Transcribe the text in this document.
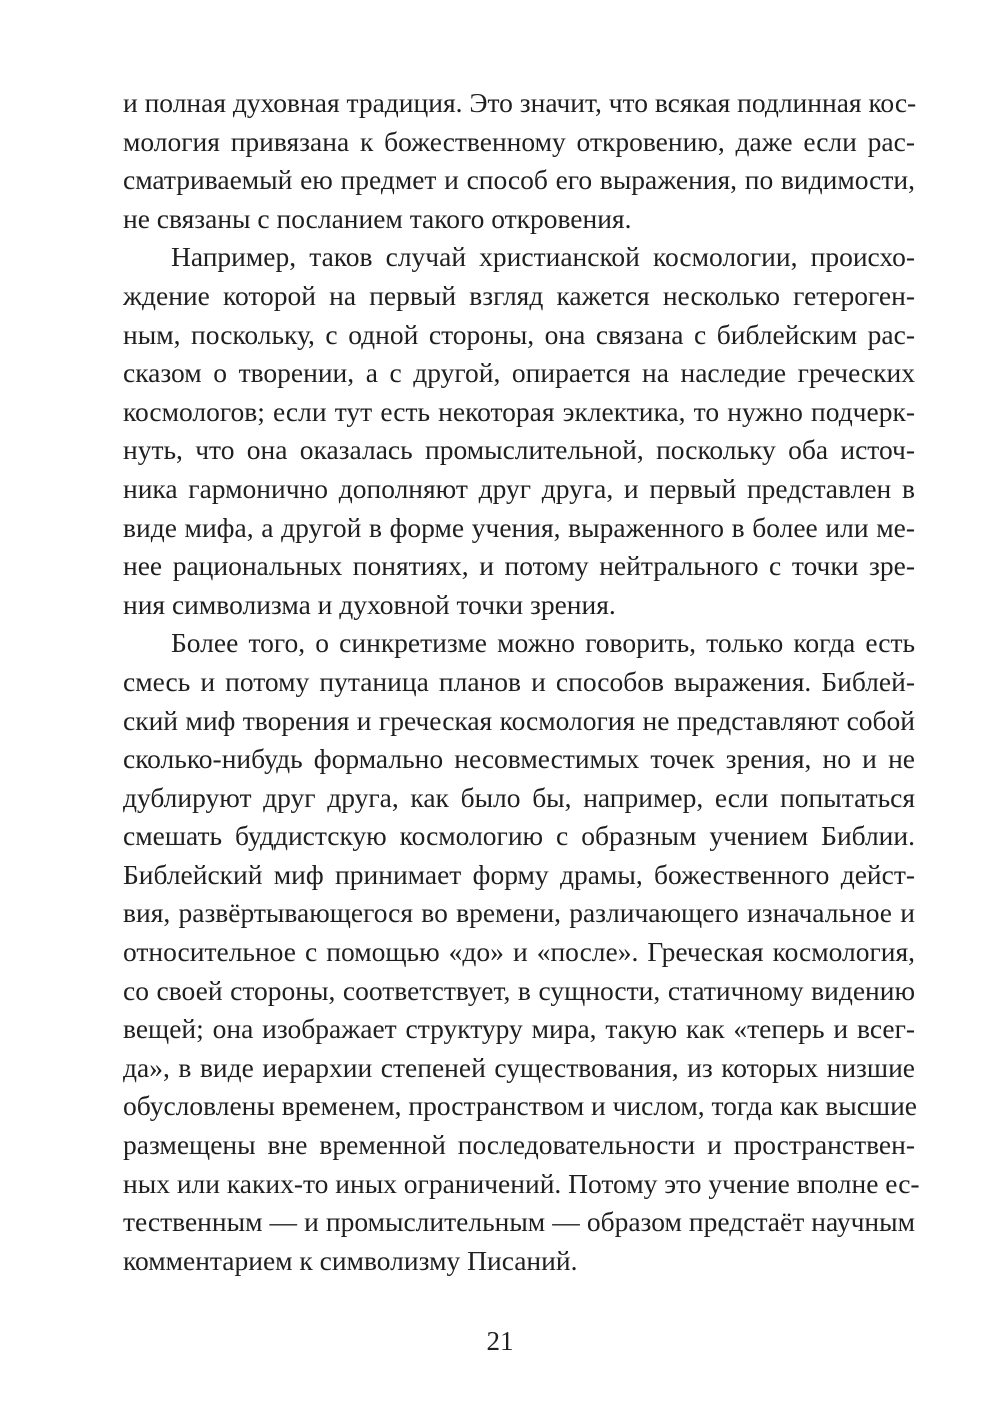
и полная духовная традиция. Это значит, что всякая подлинная кос-
мология привязана к божественному откровению, даже если рас-
сматриваемый ею предмет и способ его выражения, по видимости,
не связаны с посланием такого откровения.

Например, таков случай христианской космологии, происхо-
ждение которой на первый взгляд кажется несколько гетероген-
ным, поскольку, с одной стороны, она связана с библейским рас-
сказом о творении, а с другой, опирается на наследие греческих
космологов; если тут есть некоторая эклектика, то нужно подчерк-
нуть, что она оказалась промыслительной, поскольку оба источ-
ника гармонично дополняют друг друга, и первый представлен в
виде мифа, а другой в форме учения, выраженного в более или ме-
нее рациональных понятиях, и потому нейтрального с точки зре-
ния символизма и духовной точки зрения.

Более того, о синкретизме можно говорить, только когда есть
смесь и потому путаница планов и способов выражения. Библей-
ский миф творения и греческая космология не представляют собой
сколько-нибудь формально несовместимых точек зрения, но и не
дублируют друг друга, как было бы, например, если попытаться
смешать буддистскую космологию с образным учением Библии.
Библейский миф принимает форму драмы, божественного дейст-
вия, развёртывающегося во времени, различающего изначальное и
относительное с помощью «до» и «после». Греческая космология,
со своей стороны, соответствует, в сущности, статичному видению
вещей; она изображает структуру мира, такую как «теперь и всег-
да», в виде иерархии степеней существования, из которых низшие
обусловлены временем, пространством и числом, тогда как высшие
размещены вне временной последовательности и пространствен-
ных или каких-то иных ограничений. Потому это учение вполне ес-
тественным — и промыслительным — образом предстаёт научным
комментарием к символизму Писаний.

21
